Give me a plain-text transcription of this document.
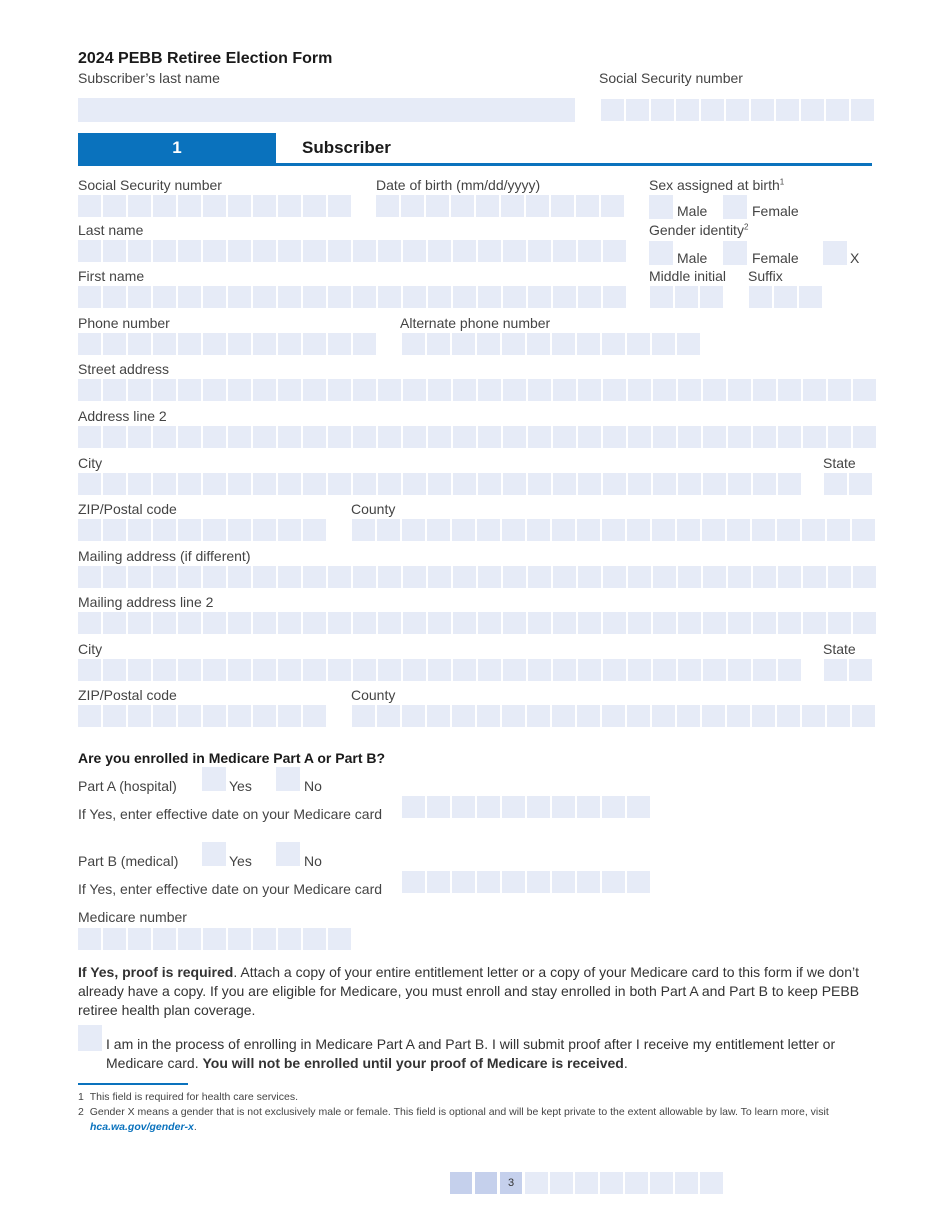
2024 PEBB Retiree Election Form
Subscriber’s last name	Social Security number
1	Subscriber
Social Security number	Date of birth (mm/dd/yyyy)	Sex assigned at birth$^1$
Male	Female
Last name	Gender identity$^2$
Male	Female	X
First name	Middle initial Suffix
Phone number	Alternate phone number
Street address
Address line 2
City	State
ZIP/Postal code	County
Mailing address (if different)
Mailing address line 2
City	State
ZIP/Postal code	County
Are you enrolled in Medicare Part A or Part B?
Part A (hospital)	Yes	No
If Yes, enter effective date on your Medicare card
Part B (medical)	Yes	No
If Yes, enter effective date on your Medicare card
Medicare number
If Yes, proof is required. Attach a copy of your entire entitlement letter or a copy of your Medicare card to this form if we don’t already have a copy. If you are eligible for Medicare, you must enroll and stay enrolled in both Part A and Part B to keep PEBB retiree health plan coverage.
I am in the process of enrolling in Medicare Part A and Part B. I will submit proof after I receive my entitlement letter or Medicare card. You will not be enrolled until your proof of Medicare is received.
1 This field is required for health care services.
2 Gender X means a gender that is not exclusively male or female. This field is optional and will be kept private to the extent allowable by law. To learn more, visit hca.wa.gov/gender-x.
3
